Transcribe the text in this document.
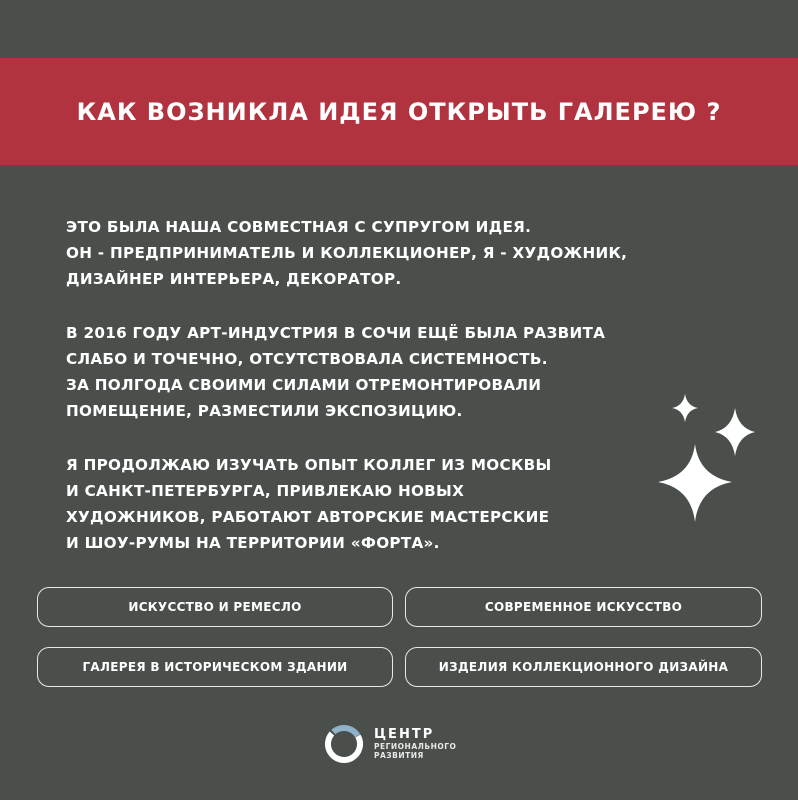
КАК ВОЗНИКЛА ИДЕЯ ОТКРЫТЬ ГАЛЕРЕЮ ?
ЭТО БЫЛА НАША СОВМЕСТНАЯ С СУПРУГОМ ИДЕЯ.
ОН - ПРЕДПРИНИМАТЕЛЬ И КОЛЛЕКЦИОНЕР, Я - ХУДОЖНИК,
ДИЗАЙНЕР ИНТЕРЬЕРА, ДЕКОРАТОР.
В 2016 ГОДУ АРТ-ИНДУСТРИЯ В СОЧИ ЕЩЁ БЫЛА РАЗВИТА
СЛАБО И ТОЧЕЧНО, ОТСУТСТВОВАЛА СИСТЕМНОСТЬ.
ЗА ПОЛГОДА СВОИМИ СИЛАМИ ОТРЕМОНТИРОВАЛИ
ПОМЕЩЕНИЕ, РАЗМЕСТИЛИ ЭКСПОЗИЦИЮ.
Я ПРОДОЛЖАЮ ИЗУЧАТЬ ОПЫТ КОЛЛЕГ ИЗ МОСКВЫ
И САНКТ-ПЕТЕРБУРГА, ПРИВЛЕКАЮ НОВЫХ
ХУДОЖНИКОВ, РАБОТАЮТ АВТОРСКИЕ МАСТЕРСКИЕ
И ШОУ-РУМЫ НА ТЕРРИТОРИИ «ФОРТА».
ИСКУССТВО И РЕМЕСЛО	СОВРЕМЕННОЕ ИСКУССТВО
ГАЛЕРЕЯ В ИСТОРИЧЕСКОМ ЗДАНИИ	ИЗДЕЛИЯ КОЛЛЕКЦИОННОГО ДИЗАЙНА
ЦЕНТР
РЕГИОНАЛЬНОГО
РАЗВИТИЯ
